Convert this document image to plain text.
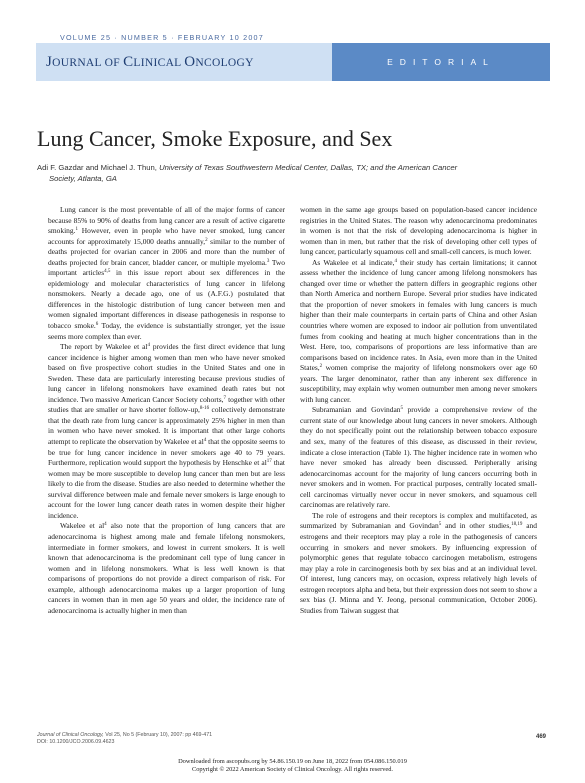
VOLUME 25 · NUMBER 5 · FEBRUARY 10 2007
JOURNAL OF CLINICAL ONCOLOGY	EDITORIAL
Lung Cancer, Smoke Exposure, and Sex
Adi F. Gazdar and Michael J. Thun, University of Texas Southwestern Medical Center, Dallas, TX; and the American Cancer
Society, Atlanta, GA

Lung cancer is the most preventable of all of the major forms of cancer because 85% to 90% of deaths from lung cancer are a result of active cigarette smoking.$^1$ However, even in people who have never smoked, lung cancer accounts for approximately 15,000 deaths annually,$^2$ similar to the number of deaths projected for ovarian cancer in 2006 and more than the number of deaths projected for brain cancer, bladder cancer, or multiple myeloma.$^3$ Two important articles$^{4,5}$ in this issue report about sex differences in the epidemiology and molecular characteristics of lung cancer in lifelong nonsmokers. Nearly a decade ago, one of us (A.F.G.) postulated that differences in the histologic distribution of lung cancer between men and women signaled important differences in disease pathogenesis in response to tobacco smoke.$^6$ Today, the evidence is substantially stronger, yet the issue seems more complex than ever.

The report by Wakelee et $al^4$ provides the first direct evidence that lung cancer incidence is higher among women than men who have never smoked based on five prospective cohort studies in the United States and one in Sweden. These data are particularly interesting because previous studies of lung cancer in lifelong nonsmokers have examined death rates but not incidence. Two massive American Cancer Society cohorts,$^7$ together with other studies that are smaller or have shorter follow-up,$^{8-16}$ collectively demonstrate that the death rate from lung cancer is approximately 25% higher in men than in women who have never smoked. It is important that other large cohorts attempt to replicate the observation by Wakelee et $al^4$ that the opposite seems to be true for lung cancer incidence in never smokers age 40 to 79 years. Furthermore, replication would support the hypothesis by Henschke et $al^{17}$ that women may be more susceptible to develop lung cancer than men but are less likely to die from the disease. Studies are also needed to determine whether the survival difference between male and female never smokers is large enough to account for the lower lung cancer death rates in women despite their higher incidence.

Wakelee et $al^4$ also note that the proportion of lung cancers that are adenocarcinoma is highest among male and female lifelong nonsmokers, intermediate in former smokers, and lowest in current smokers. It is well known that adenocarcinoma is the predominant cell type of lung cancer in women and in lifelong nonsmokers. What is less well known is that comparisons of proportions do not provide a direct comparison of risk. For example, although adenocarcinoma makes up a larger proportion of lung cancers in women than in men age 50 years and older, the incidence rate of adenocarcinoma is actually higher in men than

women in the same age groups based on population-based cancer incidence registries in the United States. The reason why adenocarcinoma predominates in women is not that the risk of developing adenocarcinoma is higher in women than in men, but rather that the risk of developing other cell types of lung cancer, particularly squamous cell and small-cell cancers, is much lower.

As Wakelee et al indicate,$^4$ their study has certain limitations; it cannot assess whether the incidence of lung cancer among lifelong nonsmokers has changed over time or whether the pattern differs in geographic regions other than North America and northern Europe. Several prior studies have indicated that the proportion of never smokers in females with lung cancers is much higher than their male counterparts in certain parts of China and other Asian countries where women are exposed to indoor air pollution from unventilated fumes from cooking and heating at much higher concentrations than in the West. Here, too, comparisons of proportions are less informative than are comparisons based on incidence rates. In Asia, even more than in the United States,$^2$ women comprise the majority of lifelong nonsmokers over age 60 years. The larger denominator, rather than any inherent sex difference in susceptibility, may explain why women outnumber men among never smokers with lung cancer.

Subramanian and Govindan$^5$ provide a comprehensive review of the current state of our knowledge about lung cancers in never smokers. Although they do not specifically point out the relationship between tobacco exposure and sex, many of the features of this disease, as discussed in their review, indicate a close interaction (Table 1). The higher incidence rate in women who have never smoked has already been discussed. Peripherally arising adenocarcinomas account for the majority of lung cancers occurring both in never smokers and in women. For practical purposes, centrally located small-cell carcinomas virtually never occur in never smokers, and squamous cell carcinomas are relatively rare.

The role of estrogens and their receptors is complex and multifaceted, as summarized by Subramanian and Govindan$^5$ and in other studies,$^{18,19}$ and estrogens and their receptors may play a role in the pathogenesis of cancers occurring in smokers and never smokers. By influencing expression of polymorphic genes that regulate tobacco carcinogen metabolism, estrogens may play a role in carcinogenesis both by sex bias and at an individual level. Of interest, lung cancers may, on occasion, express relatively high levels of estrogen receptors alpha and beta, but their expression does not seem to show a sex bias (J. Minna and Y. Jeong, personal communication, October 2006). Studies from Taiwan suggest that

Journal of Clinical Oncology, Vol 25, No 5 (February 10), 2007: pp 469-471
DOI: 10.1200/JCO.2006.09.4623
469
Downloaded from ascopubs.org by 54.86.150.19 on June 18, 2022 from 054.086.150.019
Copyright © 2022 American Society of Clinical Oncology. All rights reserved.
